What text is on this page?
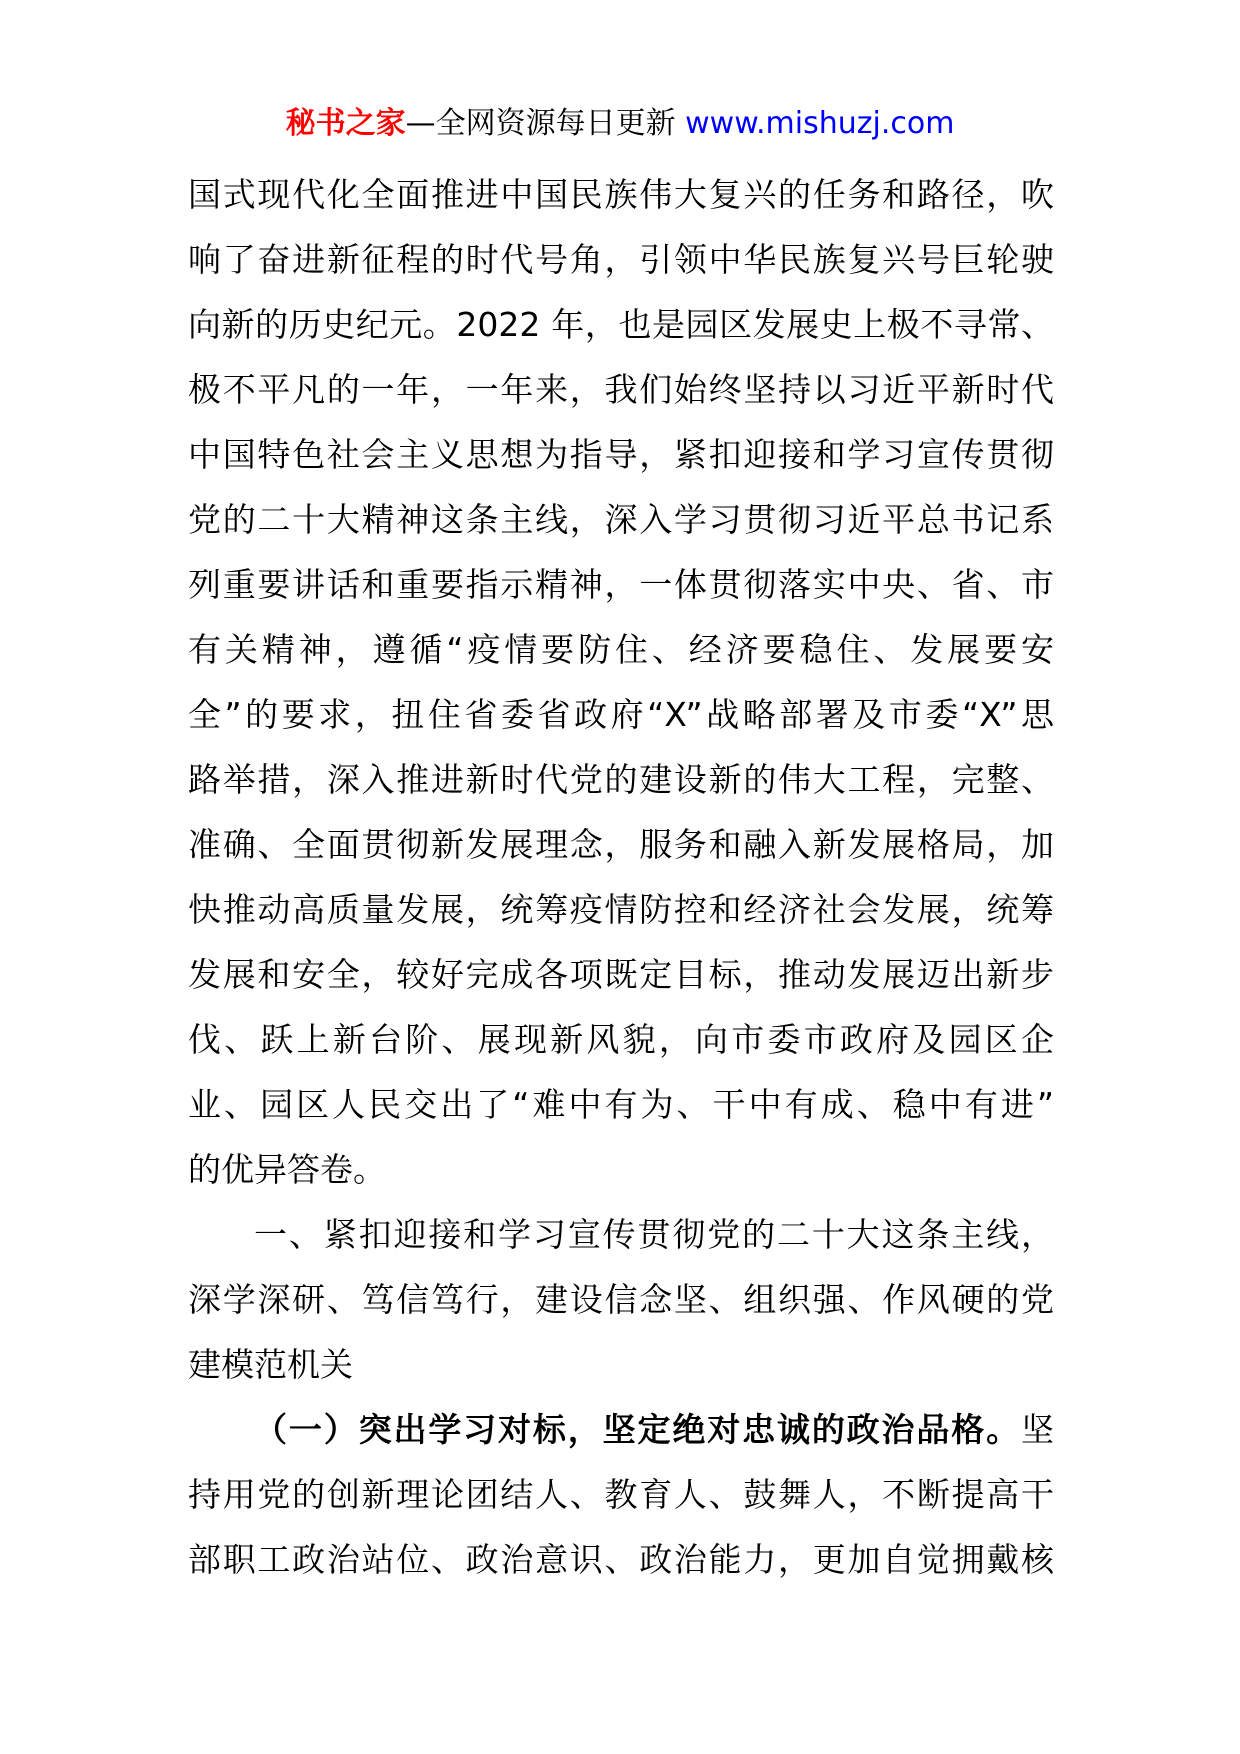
秘书之家—全网资源每日更新 www.mishuzj.com
国式现代化全面推进中国民族伟大复兴的任务和路径，吹
响了奋进新征程的时代号角，引领中华民族复兴号巨轮驶
向新的历史纪元。2022 年，也是园区发展史上极不寻常、
极不平凡的一年，一年来，我们始终坚持以习近平新时代
中国特色社会主义思想为指导，紧扣迎接和学习宣传贯彻
党的二十大精神这条主线，深入学习贯彻习近平总书记系
列重要讲话和重要指示精神，一体贯彻落实中央、省、市
有关精神，遵循“疫情要防住、经济要稳住、发展要安
全”的要求，扭住省委省政府“X”战略部署及市委“X”思
路举措，深入推进新时代党的建设新的伟大工程，完整、
准确、全面贯彻新发展理念，服务和融入新发展格局，加
快推动高质量发展，统筹疫情防控和经济社会发展，统筹
发展和安全，较好完成各项既定目标，推动发展迈出新步
伐、跃上新台阶、展现新风貌，向市委市政府及园区企
业、园区人民交出了“难中有为、干中有成、稳中有进”
的优异答卷。
一、紧扣迎接和学习宣传贯彻党的二十大这条主线，
深学深研、笃信笃行，建设信念坚、组织强、作风硬的党
建模范机关
（一）突出学习对标，坚定绝对忠诚的政治品格。坚
持用党的创新理论团结人、教育人、鼓舞人，不断提高干
部职工政治站位、政治意识、政治能力，更加自觉拥戴核
